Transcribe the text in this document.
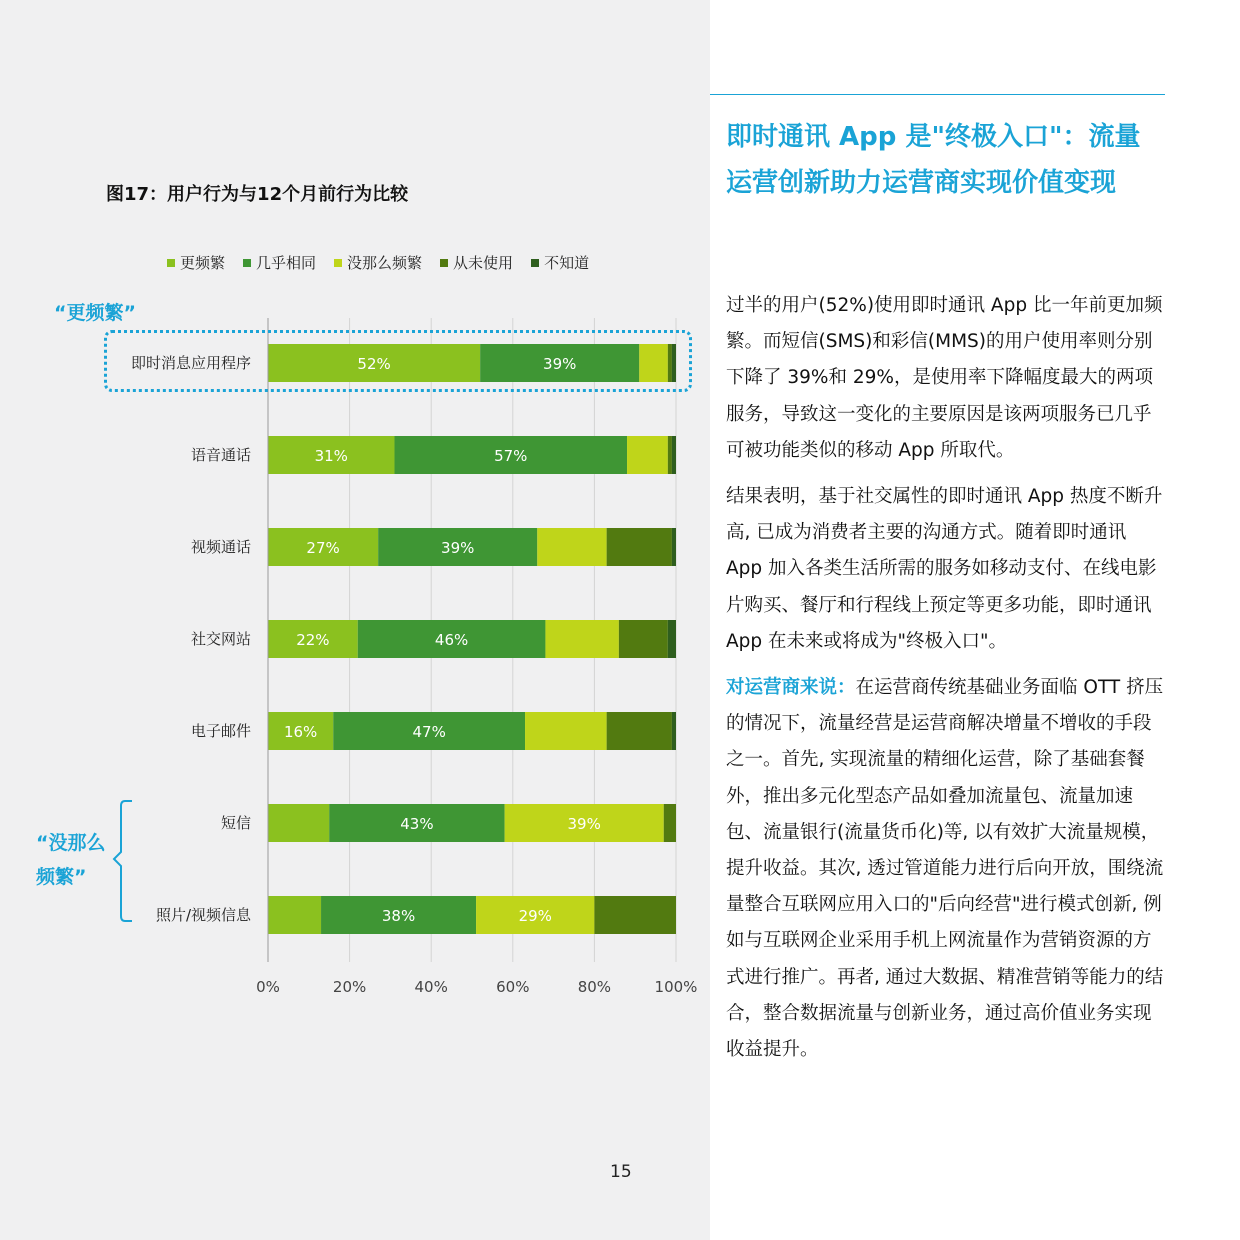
图17：用户行为与12个月前行为比较
更频繁 几乎相同 没那么频繁 从未使用 不知道
0%	20%	40%	60%	80%	100%
即时消息应用程序	52%	39%
语音通话	31%	57%
视频通话	27%	39%
社交网站	22%	46%
电子邮件 16%	47%
短信	43%	39%
照片/视频信息	38%	29%
“更频繁”
“没那么
频繁”
15
即时通讯 App 是"终极入口"：流量
运营创新助力运营商实现价值变现

过半的用户(52%)使用即时通讯 App 比一年前更加频繁。而短信(SMS)和彩信(MMS)的用户使用率则分别下降了 39%和 29%，是使用率下降幅度最大的两项服务，导致这一变化的主要原因是该两项服务已几乎可被功能类似的移动 App 所取代。

结果表明，基于社交属性的即时通讯 App 热度不断升高, 已成为消费者主要的沟通方式。随着即时通讯 App 加入各类生活所需的服务如移动支付、在线电影片购买、餐厅和行程线上预定等更多功能，即时通讯 App 在未来或将成为"终极入口"。

对运营商来说：在运营商传统基础业务面临 OTT 挤压的情况下，流量经营是运营商解决增量不增收的手段之一。首先, 实现流量的精细化运营，除了基础套餐外，推出多元化型态产品如叠加流量包、流量加速包、流量银行(流量货币化)等, 以有效扩大流量规模，提升收益。其次, 透过管道能力进行后向开放，围绕流量整合互联网应用入口的"后向经营"进行模式创新, 例如与互联网企业采用手机上网流量作为营销资源的方式进行推广。再者, 通过大数据、精准营销等能力的结合，整合数据流量与创新业务，通过高价值业务实现收益提升。
